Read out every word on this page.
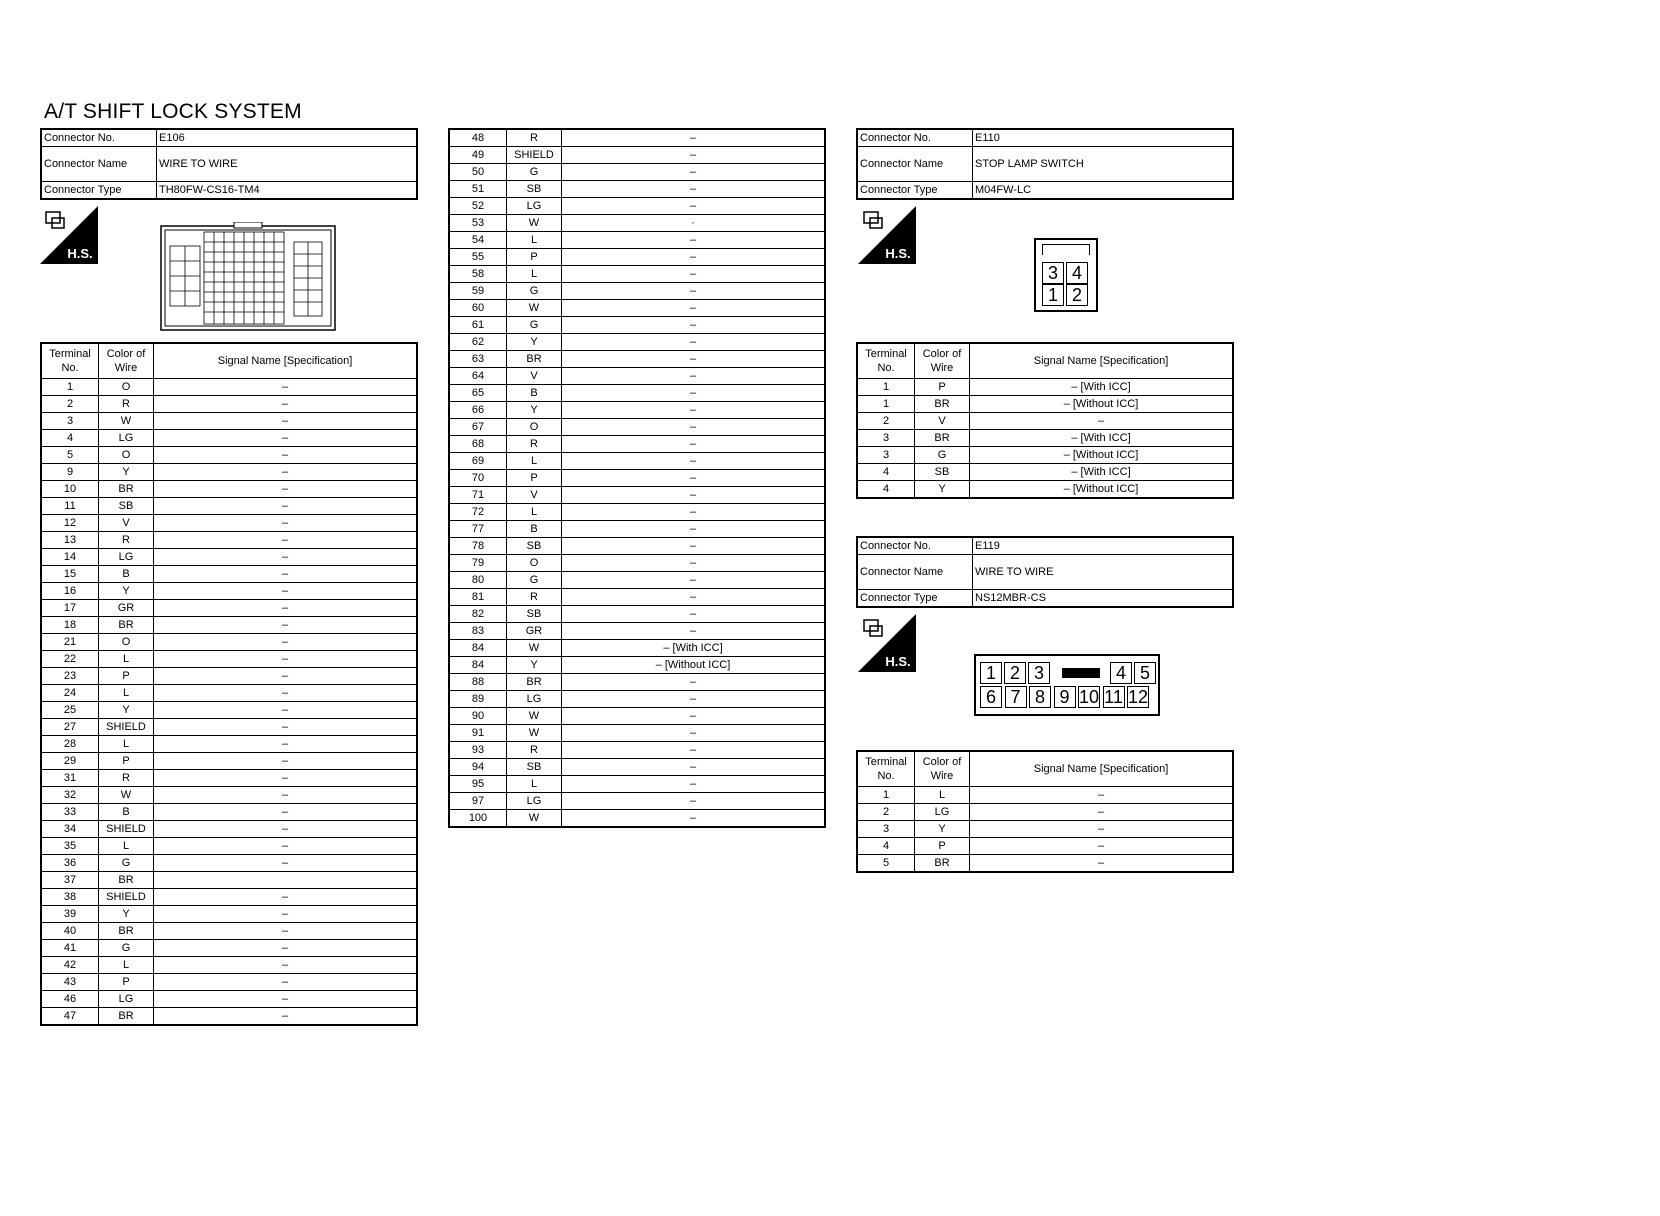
A/T SHIFT LOCK SYSTEM
Connector No.	E106
Connector Name	WIRE TO WIRE
Connector Type	TH80FW-CS16-TM4
H.S.
Terminal No.	Color of Wire	Signal Name [Specification]
1	O	–
2	R	–
3	W	–
4	LG	–
5	O	–
9	Y	–
10	BR	–
11	SB	–
12	V	–
13	R	–
14	LG	–
15	B	–
16	Y	–
17	GR	–
18	BR	–
21	O	–
22	L	–
23	P	–
24	L	–
25	Y	–
27	SHIELD	–
28	L	–
29	P	–
31	R	–
32	W	–
33	B	–
34	SHIELD	–
35	L	–
36	G	–
37	BR	
38	SHIELD	–
39	Y	–
40	BR	–
41	G	–
42	L	–
43	P	–
46	LG	–
47	BR	–
48	R	–
49	SHIELD	–
50	G	–
51	SB	–
52	LG	–
53	W	·
54	L	–
55	P	–
58	L	–
59	G	–
60	W	–
61	G	–
62	Y	–
63	BR	–
64	V	–
65	B	–
66	Y	–
67	O	–
68	R	–
69	L	–
70	P	–
71	V	–
72	L	–
77	B	–
78	SB	–
79	O	–
80	G	–
81	R	–
82	SB	–
83	GR	–
84	W	– [With ICC]
84	Y	– [Without ICC]
88	BR	–
89	LG	–
90	W	–
91	W	–
93	R	–
94	SB	–
95	L	–
97	LG	–
100	W	–
Connector No.	E110
Connector Name	STOP LAMP SWITCH
Connector Type	M04FW-LC
H.S.
3 4
1 2
Terminal No.	Color of Wire	Signal Name [Specification]
1	P	– [With ICC]
1	BR	– [Without ICC]
2	V	–
3	BR	– [With ICC]
3	G	– [Without ICC]
4	SB	– [With ICC]
4	Y	– [Without ICC]
Connector No.	E119
Connector Name	WIRE TO WIRE
Connector Type	NS12MBR-CS
H.S.
1 2 3	4 5
6 7 8 9 10 11 12
Terminal No.	Color of Wire	Signal Name [Specification]
1	L	–
2	LG	–
3	Y	–
4	P	–
5	BR	–
